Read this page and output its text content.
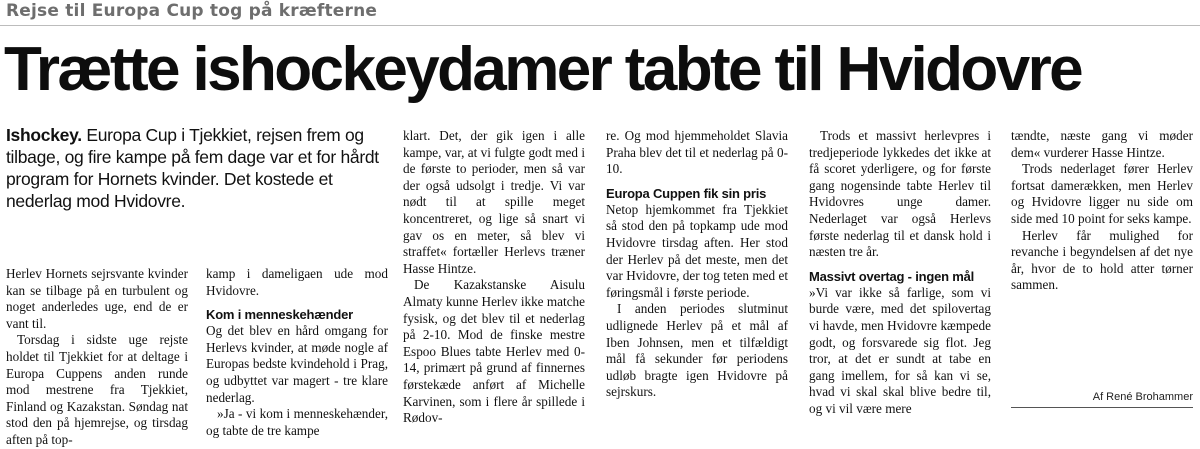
Rejse til Europa Cup tog på kræfterne
Trætte ishockeydamer tabte til Hvidovre

Ishockey. Europa Cup i Tjekkiet, rejsen frem og tilbage, og fire kampe på fem dage var et for hårdt program for Hornets kvinder. Det kostede et nederlag mod Hvidovre.

Herlev Hornets sejrsvante kvinder kan se tilbage på en turbulent og noget anderledes uge, end de er vant til.

Torsdag i sidste uge rejste holdet til Tjekkiet for at deltage i Europa Cuppens anden runde mod mestrene fra Tjekkiet, Finland og Kazakstan. Søndag nat stod den på hjemrejse, og tirsdag aften på top-

kamp i dameligaen ude mod Hvidovre.

Kom i menneskehænder

Og det blev en hård omgang for Herlevs kvinder, at møde nogle af Europas bedste kvindehold i Prag, og udbyttet var magert - tre klare nederlag.

»Ja - vi kom i menneskehænder, og tabte de tre kampe

klart. Det, der gik igen i alle kampe, var, at vi fulgte godt med i de første to perioder, men så var der også udsolgt i tredje. Vi var nødt til at spille meget koncentreret, og lige så snart vi gav os en meter, så blev vi straffet« fortæller Herlevs træner Hasse Hintze.

De Kazakstanske Aisulu Almaty kunne Herlev ikke matche fysisk, og det blev til et nederlag på 2-10. Mod de finske mestre Espoo Blues tabte Herlev med 0-14, primært på grund af finnernes førstekæde anført af Michelle Karvinen, som i flere år spillede i Rødov-

re. Og mod hjemmeholdet Slavia Praha blev det til et nederlag på 0-10.

Europa Cuppen fik sin pris

Netop hjemkommet fra Tjekkiet så stod den på topkamp ude mod Hvidovre tirsdag aften. Her stod der Herlev på det meste, men det var Hvidovre, der tog teten med et føringsmål i første periode.

I anden periodes slutminut udlignede Herlev på et mål af Iben Johnsen, men et tilfældigt mål få sekunder før periodens udløb bragte igen Hvidovre på sejrskurs.

Trods et massivt herlevpres i tredjeperiode lykkedes det ikke at få scoret yderligere, og for første gang nogensinde tabte Herlev til Hvidovres unge damer. Nederlaget var også Herlevs første nederlag til et dansk hold i næsten tre år.

Massivt overtag - ingen mål

»Vi var ikke så farlige, som vi burde være, med det spilovertag vi havde, men Hvidovre kæmpede godt, og forsvarede sig flot. Jeg tror, at det er sundt at tabe en gang imellem, for så kan vi se, hvad vi skal skal blive bedre til, og vi vil være mere

tændte, næste gang vi møder dem« vurderer Hasse Hintze.

Trods nederlaget fører Herlev fortsat damerækken, men Herlev og Hvidovre ligger nu side om side med 10 point for seks kampe.

Herlev får mulighed for revanche i begyndelsen af det nye år, hvor de to hold atter tørner sammen.

Af René Brohammer
